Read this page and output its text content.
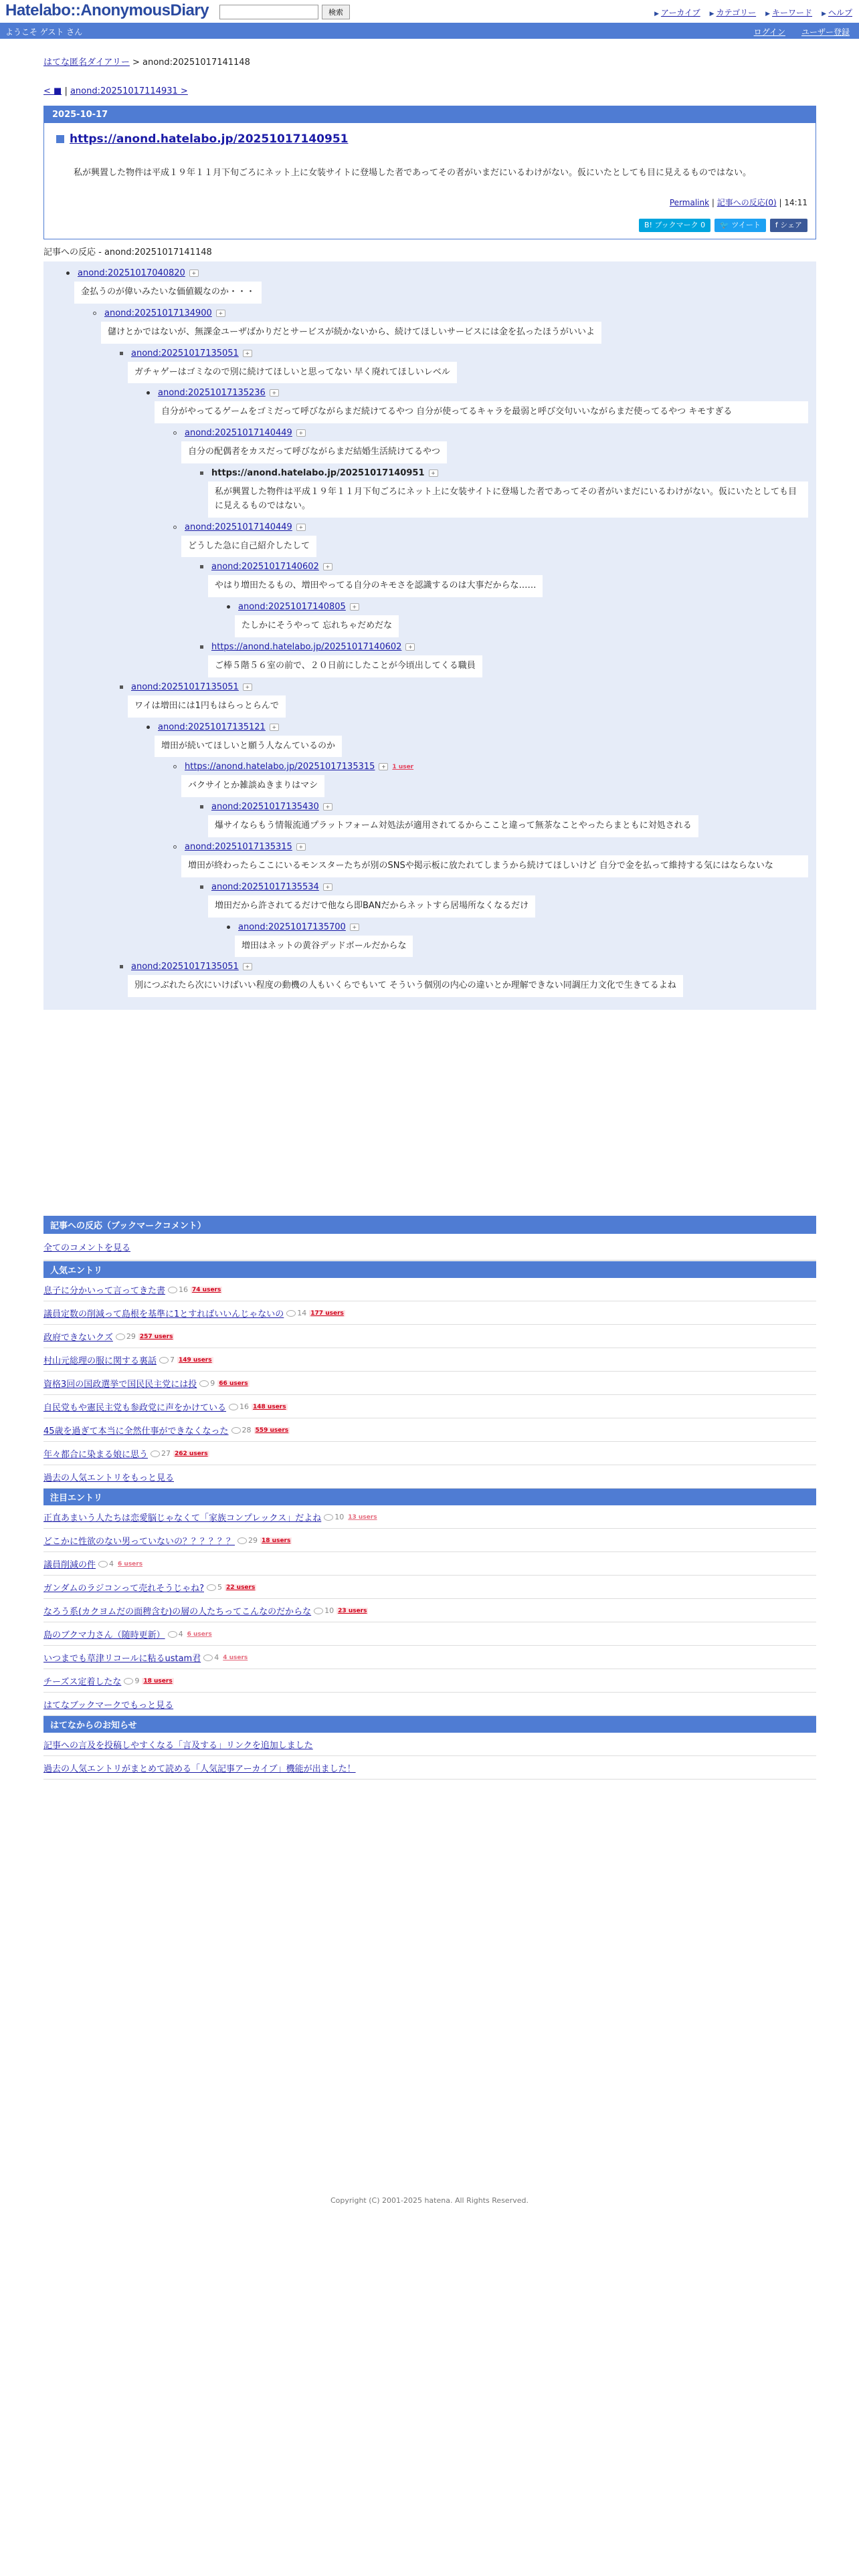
Hatelabo::AnonymousDiary	検索	▶ アーカイブ ▶ カテゴリー ▶ キーワード ▶ ヘルプ
ようこそ ゲスト さん	ログイン ユーザー登録
はてな匿名ダイアリー > anond:20251017141148
< ■ | anond:20251017114931 >
2025-10-17
https://anond.hatelabo.jp/20251017140951

私が興置した物件は平成１９年１１月下旬ごろにネット上に女装サイトに登場した者であってその者がいまだにいるわけがない。仮にいたとしても目に見えるものではない。

Permalink | 記事への反応(0) | 14:11
B! ブックマーク 0	🐦 ツイート	f シェア
記事への反応 - anond:20251017141148
anond:20251017040820	+
金払うのが偉いみたいな価値観なのか・・・
anond:20251017134900	+
儲けとかではないが、無課金ユーザばかりだとサービスが続かないから、続けてほしいサービスには金を払ったほうがいいよ
anond:20251017135051	+
ガチャゲーはゴミなので別に続けてほしいと思ってない 早く廃れてほしいレベル
anond:20251017135236	+
自分がやってるゲームをゴミだって呼びながらまだ続けてるやつ 自分が使ってるキャラを最弱と呼び交句いいながらまだ使ってるやつ キモすぎる
anond:20251017140449	+
自分の配偶者をカスだって呼びながらまだ結婚生活続けてるやつ
https://anond.hatelabo.jp/20251017140951	+
私が興置した物件は平成１９年１１月下旬ごろにネット上に女装サイトに登場した者であってその者がいまだにいるわけがない。仮にいたとしても目に見えるものではない。
anond:20251017140449	+
どうした急に自己紹介したして
anond:20251017140602	+
やはり増田たるもの、増田やってる自分のキモさを認識するのは大事だからな……
anond:20251017140805	+
たしかにそうやって 忘れちゃだめだな
https://anond.hatelabo.jp/20251017140602	+
ご棒５階５６室の前で、２０日前にしたことが今頃出してくる職員
anond:20251017135051	+
ワイは増田には1円もはらっとらんで
anond:20251017135121	+
増田が続いてほしいと願う人なんているのか
https://anond.hatelabo.jp/20251017135315	+	1 user
バクサイとか雑談ぬきまりはマシ
anond:20251017135430	+
爆サイならもう情報流通プラットフォーム対処法が適用されてるからここと違って無茶なことやったらまともに対処される
anond:20251017135315	+
増田が終わったらここにいるモンスターたちが別のSNSや掲示板に放たれてしまうから続けてほしいけど 自分で金を払って維持する気にはならないな
anond:20251017135534	+
増田だから許されてるだけで他なら即BANだからネットすら居場所なくなるだけ
anond:20251017135700	+
増田はネットの黄谷デッドボールだからな
anond:20251017135051	+
別につぶれたら次にいけばいい程度の動機の人もいくらでもいて そういう個別の内心の違いとか理解できない同調圧力文化で生きてるよね
記事への反応（ブックマークコメント）
全てのコメントを見る
人気エントリ
息子に分かいって言ってきた書 16 74 users
議員定数の削減って島根を基準に1とすればいいんじゃないの 14 177 users
政府できないクズ 29 257 users
村山元総理の服に関する裏話 7 149 users
資格3回の国政選挙で国民民主党には投 9 66 users
自民党もや憲民主党も参政党に声をかけている 16 148 users
45歳を過ぎて本当に全然仕事ができなくなった 28 559 users
年々都合に染まる娘に思う 27 262 users
過去の人気エントリをもっと見る
注目エントリ
正直あまいう人たちは恋愛脳じゃなくて「家族コンプレックス」だよね 10 13 users
どこかに性欲のない男っていないの？？？？？？ 29 18 users
議員削減の件 4 6 users
ガンダムのラジコンって売れそうじゃね? 5 22 users
なろう系(カクヨムだの面稗含む)の層の人たちってこんなのだからな 10 23 users
島のブクマ力さん（随時更新） 4 6 users
いつまでも草津リコールに粘るustam君 4 4 users
チーズス定着したな 9 18 users
はてなブックマークでもっと見る
はてなからのお知らせ
記事への言及を投稿しやすくなる「言及する」リンクを追加しました
過去の人気エントリがまとめて読める「人気記事アーカイブ」機能が出ました！
Copyright (C) 2001-2025 hatena. All Rights Reserved.
